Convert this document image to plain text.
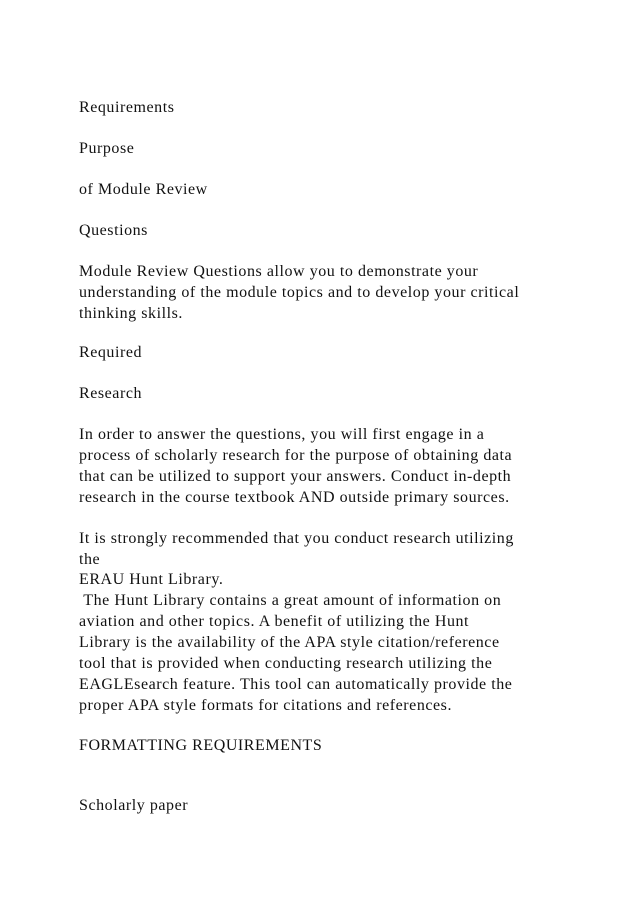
Requirements

Purpose

of Module Review

Questions

Module Review Questions allow you to demonstrate your

understanding of the module topics and to develop your critical

thinking skills.

Required

Research

In order to answer the questions, you will first engage in a

process of scholarly research for the purpose of obtaining data

that can be utilized to support your answers. Conduct in-depth

research in the course textbook AND outside primary sources.

It is strongly recommended that you conduct research utilizing

the

ERAU Hunt Library.

The Hunt Library contains a great amount of information on

aviation and other topics. A benefit of utilizing the Hunt

Library is the availability of the APA style citation/reference

tool that is provided when conducting research utilizing the

EAGLEsearch feature. This tool can automatically provide the

proper APA style formats for citations and references.

FORMATTING REQUIREMENTS

Scholarly paper
